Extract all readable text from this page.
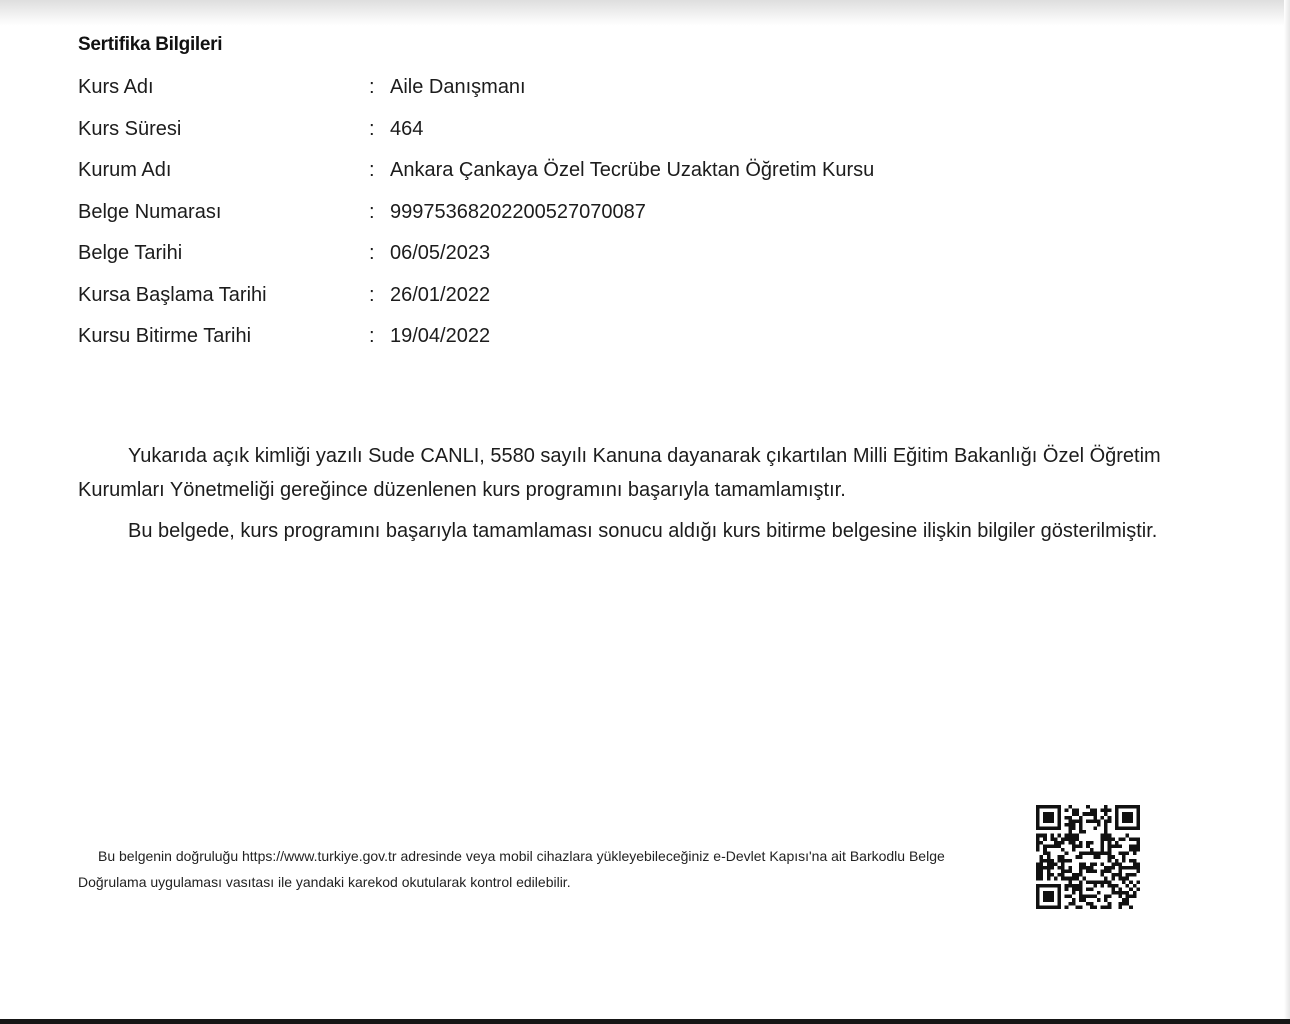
Sertifika Bilgileri
Kurs Adı	: Aile Danışmanı
Kurs Süresi	: 464
Kurum Adı	: Ankara Çankaya Özel Tecrübe Uzaktan Öğretim Kursu
Belge Numarası	: 99975368202200527070087
Belge Tarihi	: 06/05/2023
Kursa Başlama Tarihi	: 26/01/2022
Kursu Bitirme Tarihi	: 19/04/2022

Yukarıda açık kimliği yazılı Sude CANLI, 5580 sayılı Kanuna dayanarak çıkartılan Milli Eğitim Bakanlığı Özel Öğretim Kurumları Yönetmeliği gereğince düzenlenen kurs programını başarıyla tamamlamıştır.

Bu belgede, kurs programını başarıyla tamamlaması sonucu aldığı kurs bitirme belgesine ilişkin bilgiler gösterilmiştir.

Bu belgenin doğruluğu https://www.turkiye.gov.tr adresinde veya mobil cihazlara yükleyebileceğiniz e-Devlet Kapısı'na ait Barkodlu Belge Doğrulama uygulaması vasıtası ile yandaki karekod okutularak kontrol edilebilir.
